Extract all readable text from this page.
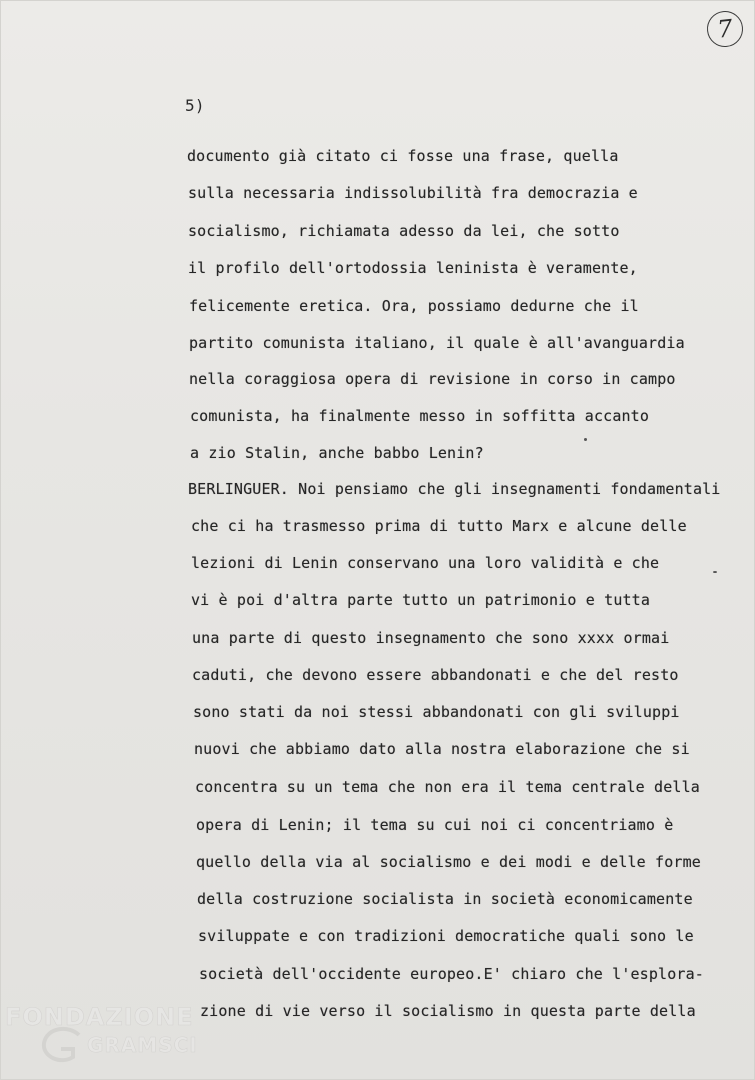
7
5)
documento già citato ci fosse una frase, quella
sulla necessaria indissolubilità fra democrazia e
socialismo, richiamata adesso da lei, che sotto
il profilo dell'ortodossia leninista è veramente,
felicemente eretica. Ora, possiamo dedurne che il
partito comunista italiano, il quale è all'avanguardia
nella coraggiosa opera di revisione in corso in campo
comunista, ha finalmente messo in soffitta accanto
a zio Stalin, anche babbo Lenin?
BERLINGUER. Noi pensiamo che gli insegnamenti fondamentali
che ci ha trasmesso prima di tutto Marx e alcune delle
lezioni di Lenin conservano una loro validità e che
vi è poi d'altra parte tutto un patrimonio e tutta
una parte di questo insegnamento che sono xxxx ormai
caduti, che devono essere abbandonati e che del resto
sono stati da noi stessi abbandonati con gli sviluppi
nuovi che abbiamo dato alla nostra elaborazione che si
concentra su un tema che non era il tema centrale della
opera di Lenin; il tema su cui noi ci concentriamo è
quello della via al socialismo e dei modi e delle forme
della costruzione socialista in società economicamente
sviluppate e con tradizioni democratiche quali sono le
società dell'occidente europeo.E' chiaro che l'esplora-
zione di vie verso il socialismo in questa parte della
FONDAZIONE
GRAMSCI
